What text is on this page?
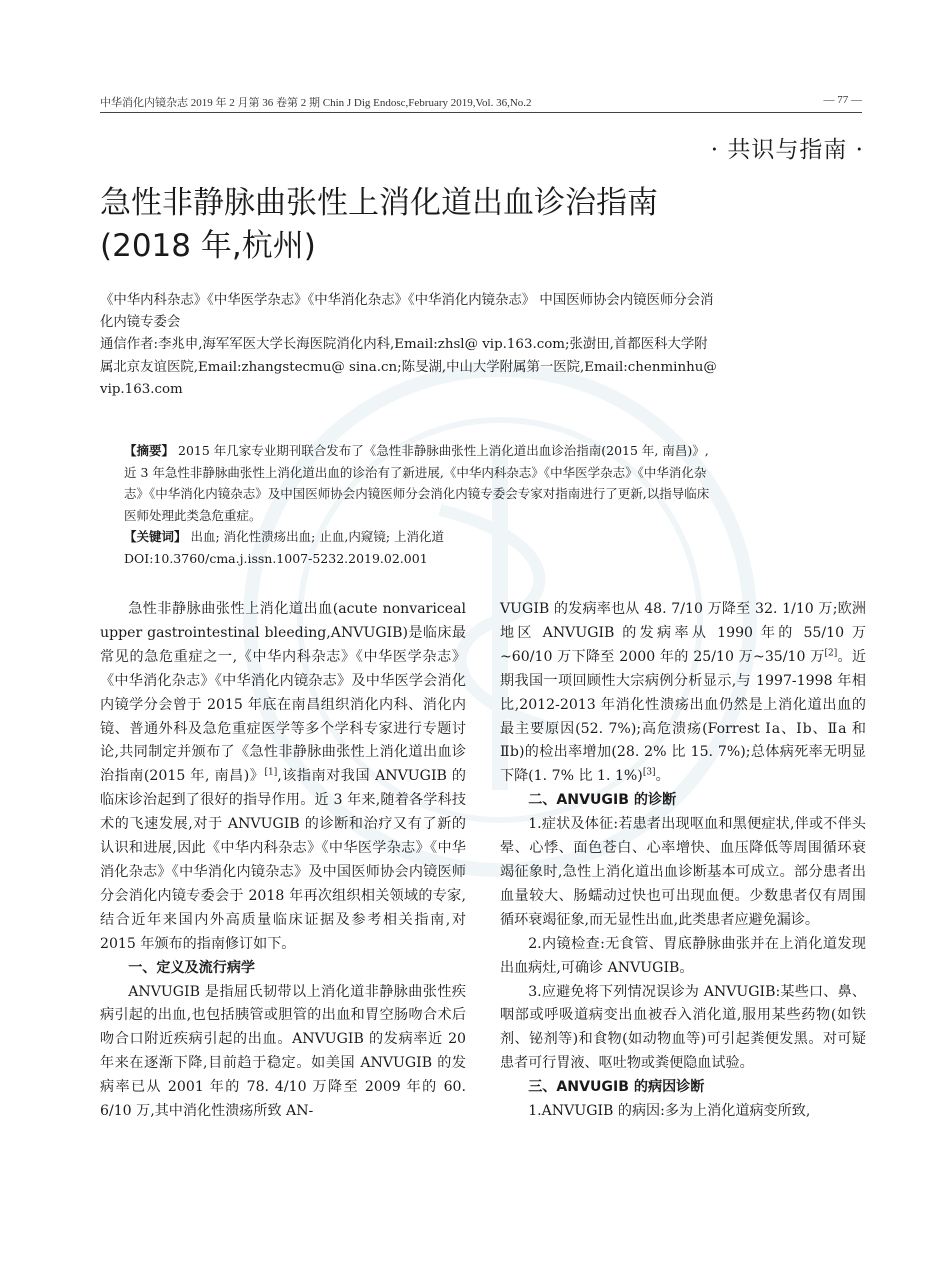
中华消化内镜杂志 2019 年 2 月第 36 卷第 2 期 Chin J Dig Endosc,February 2019,Vol. 36,No.2	— 77 —
· 共识与指南 ·
急性非静脉曲张性上消化道出血诊治指南
(2018 年,杭州)

《中华内科杂志》《中华医学杂志》《中华消化杂志》《中华消化内镜杂志》 中国医师协会内镜医师分会消化内镜专委会

通信作者:李兆申,海军军医大学长海医院消化内科,Email:zhsl@ vip.163.com;张澍田,首都医科大学附属北京友谊医院,Email:zhangstecmu@ sina.cn;陈旻湖,中山大学附属第一医院,Email:chenminhu@ vip.163.com

【摘要】 2015 年几家专业期刊联合发布了《急性非静脉曲张性上消化道出血诊治指南(2015 年, 南昌)》,近 3 年急性非静脉曲张性上消化道出血的诊治有了新进展,《中华内科杂志》《中华医学杂志》《中华消化杂志》《中华消化内镜杂志》及中国医师协会内镜医师分会消化内镜专委会专家对指南进行了更新,以指导临床医师处理此类急危重症。

【关键词】 出血; 消化性溃疡出血; 止血,内窥镜; 上消化道

DOI:10.3760/cma.j.issn.1007-5232.2019.02.001

急性非静脉曲张性上消化道出血(acute nonvariceal upper gastrointestinal bleeding,ANVUGIB)是临床最常见的急危重症之一,《中华内科杂志》《中华医学杂志》《中华消化杂志》《中华消化内镜杂志》及中华医学会消化内镜学分会曾于 2015 年底在南昌组织消化内科、消化内镜、普通外科及急危重症医学等多个学科专家进行专题讨论,共同制定并颁布了《急性非静脉曲张性上消化道出血诊治指南(2015 年, 南昌)》[1],该指南对我国 ANVUGIB 的临床诊治起到了很好的指导作用。近 3 年来,随着各学科技术的飞速发展,对于 ANVUGIB 的诊断和治疗又有了新的认识和进展,因此《中华内科杂志》《中华医学杂志》《中华消化杂志》《中华消化内镜杂志》及中国医师协会内镜医师分会消化内镜专委会于 2018 年再次组织相关领域的专家,结合近年来国内外高质量临床证据及参考相关指南,对 2015 年颁布的指南修订如下。

一、定义及流行病学

ANVUGIB 是指屈氏韧带以上消化道非静脉曲张性疾病引起的出血,也包括胰管或胆管的出血和胃空肠吻合术后吻合口附近疾病引起的出血。ANVUGIB 的发病率近 20 年来在逐渐下降,目前趋于稳定。如美国 ANVUGIB 的发病率已从 2001 年的 78. 4/10 万降至 2009 年的 60. 6/10 万,其中消化性溃疡所致 AN-

VUGIB 的发病率也从 48. 7/10 万降至 32. 1/10 万;欧洲地区 ANVUGIB 的发病率从 1990 年的 55/10 万~60/10 万下降至 2000 年的 25/10 万~35/10 万[2]。近期我国一项回顾性大宗病例分析显示,与 1997-1998 年相比,2012-2013 年消化性溃疡出血仍然是上消化道出血的最主要原因(52. 7%);高危溃疡(Forrest Ⅰa、Ⅰb、Ⅱa 和Ⅱb)的检出率增加(28. 2% 比 15. 7%);总体病死率无明显下降(1. 7% 比 1. 1%)[3]。

二、ANVUGIB 的诊断

1.症状及体征:若患者出现呕血和黑便症状,伴或不伴头晕、心悸、面色苍白、心率增快、血压降低等周围循环衰竭征象时,急性上消化道出血诊断基本可成立。部分患者出血量较大、肠蠕动过快也可出现血便。少数患者仅有周围循环衰竭征象,而无显性出血,此类患者应避免漏诊。

2.内镜检查:无食管、胃底静脉曲张并在上消化道发现出血病灶,可确诊 ANVUGIB。

3.应避免将下列情况误诊为 ANVUGIB:某些口、鼻、咽部或呼吸道病变出血被吞入消化道,服用某些药物(如铁剂、铋剂等)和食物(如动物血等)可引起粪便发黑。对可疑患者可行胃液、呕吐物或粪便隐血试验。

三、ANVUGIB 的病因诊断

1.ANVUGIB 的病因:多为上消化道病变所致,
